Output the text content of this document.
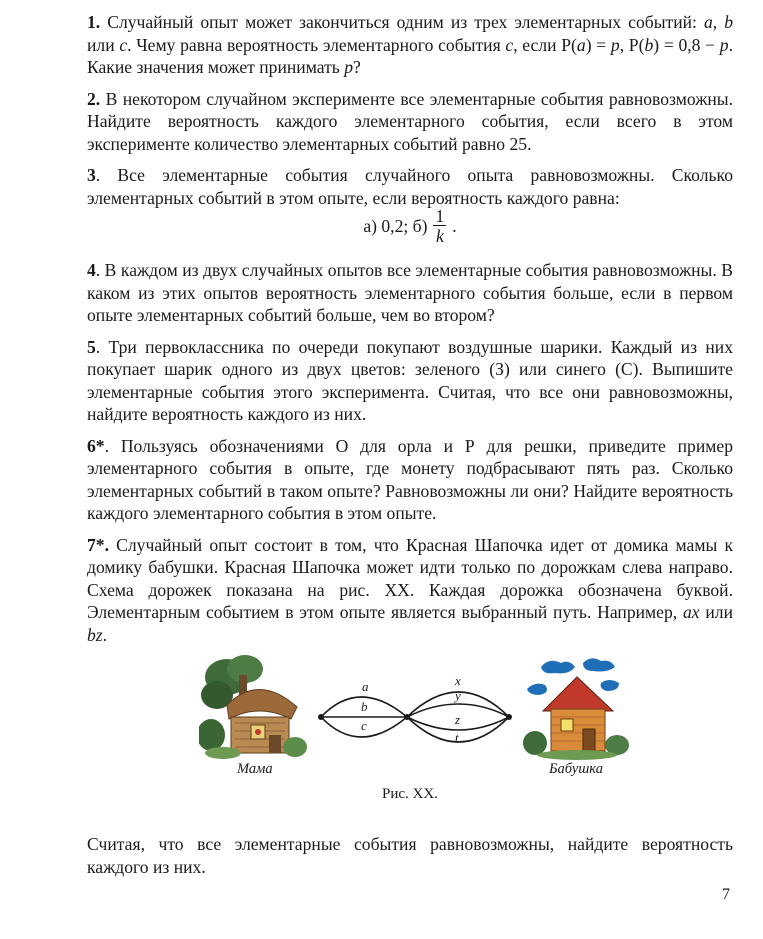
1. Случайный опыт может закончиться одним из трех элементарных событий: a, b или c. Чему равна вероятность элементарного события c, если P(a) = p, P(b) = 0,8 − p. Какие значения может принимать p?

2. В некотором случайном эксперименте все элементарные события равновозможны. Найдите вероятность каждого элементарного события, если всего в этом эксперименте количество элементарных событий равно 25.

3. Все элементарные события случайного опыта равновозможны. Сколько элементарных событий в этом опыте, если вероятность каждого равна:

а) 0,2; $б) \frac{1}{k}$ .

4. В каждом из двух случайных опытов все элементарные события равновозможны. В каком из этих опытов вероятность элементарного события больше, если в первом опыте элементарных событий больше, чем во втором?

5. Три первоклассника по очереди покупают воздушные шарики. Каждый из них покупает шарик одного из двух цветов: зеленого (З) или синего (С). Выпишите элементарные события этого эксперимента. Считая, что все они равновозможны, найдите вероятность каждого из них.

6*. Пользуясь обозначениями О для орла и Р для решки, приведите пример элементарного события в опыте, где монету подбрасывают пять раз. Сколько элементарных событий в таком опыте? Равновозможны ли они? Найдите вероятность каждого элементарного события в этом опыте.

7*. Случайный опыт состоит в том, что Красная Шапочка идет от домика мамы к домику бабушки. Красная Шапочка может идти только по дорожкам слева направо. Схема дорожек показана на рис. XX. Каждая дорожка обозначена буквой. Элементарным событием в этом опыте является выбранный путь. Например, ax или bz.

Мама
a
b
c
x
y
z
t
Бабушка
Рис. XX.

Считая, что все элементарные события равновозможны, найдите вероятность каждого из них.

7
